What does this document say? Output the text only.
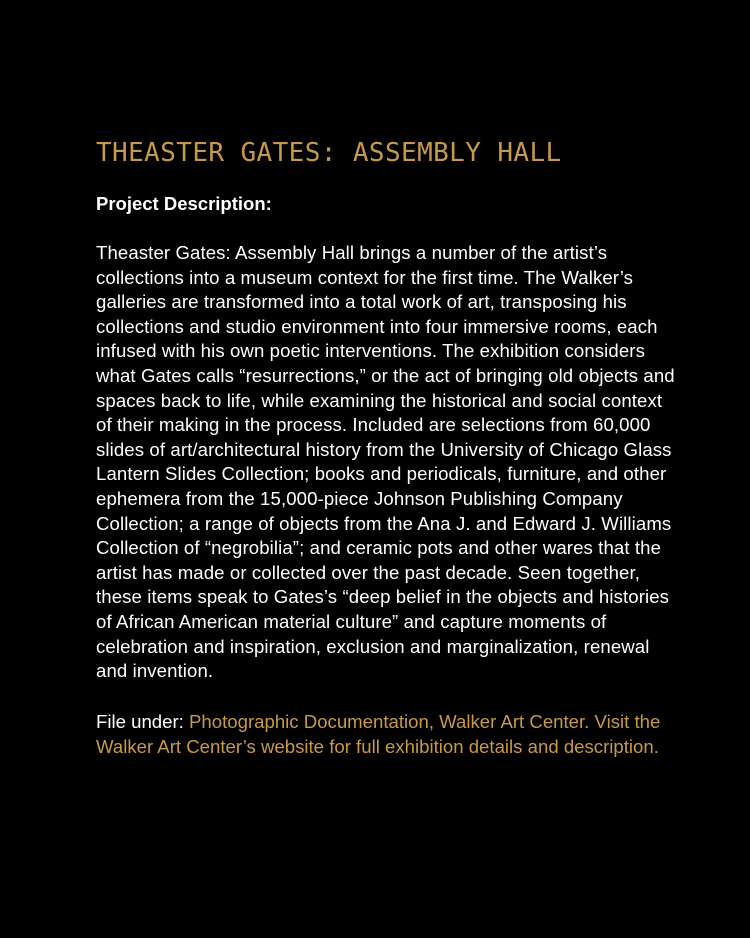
THEASTER GATES: ASSEMBLY HALL
Project Description:
Theaster Gates: Assembly Hall brings a number of the artist’s collections into a museum context for the first time. The Walker’s galleries are transformed into a total work of art, transposing his collections and studio environment into four immersive rooms, each infused with his own poetic interventions. The exhibition considers what Gates calls “resurrections,” or the act of bringing old objects and spaces back to life, while examining the historical and social context of their making in the process. Included are selections from 60,000 slides of art/architectural history from the University of Chicago Glass Lantern Slides Collection; books and periodicals, furniture, and other ephemera from the 15,000-piece Johnson Publishing Company Collection; a range of objects from the Ana J. and Edward J. Williams Collection of “negrobilia”; and ceramic pots and other wares that the artist has made or collected over the past decade. Seen together, these items speak to Gates’s “deep belief in the objects and histories of African American material culture” and capture moments of celebration and inspiration, exclusion and marginalization, renewal and invention.
File under: Photographic Documentation, Walker Art Center. Visit the Walker Art Center’s website for full exhibition details and description.
